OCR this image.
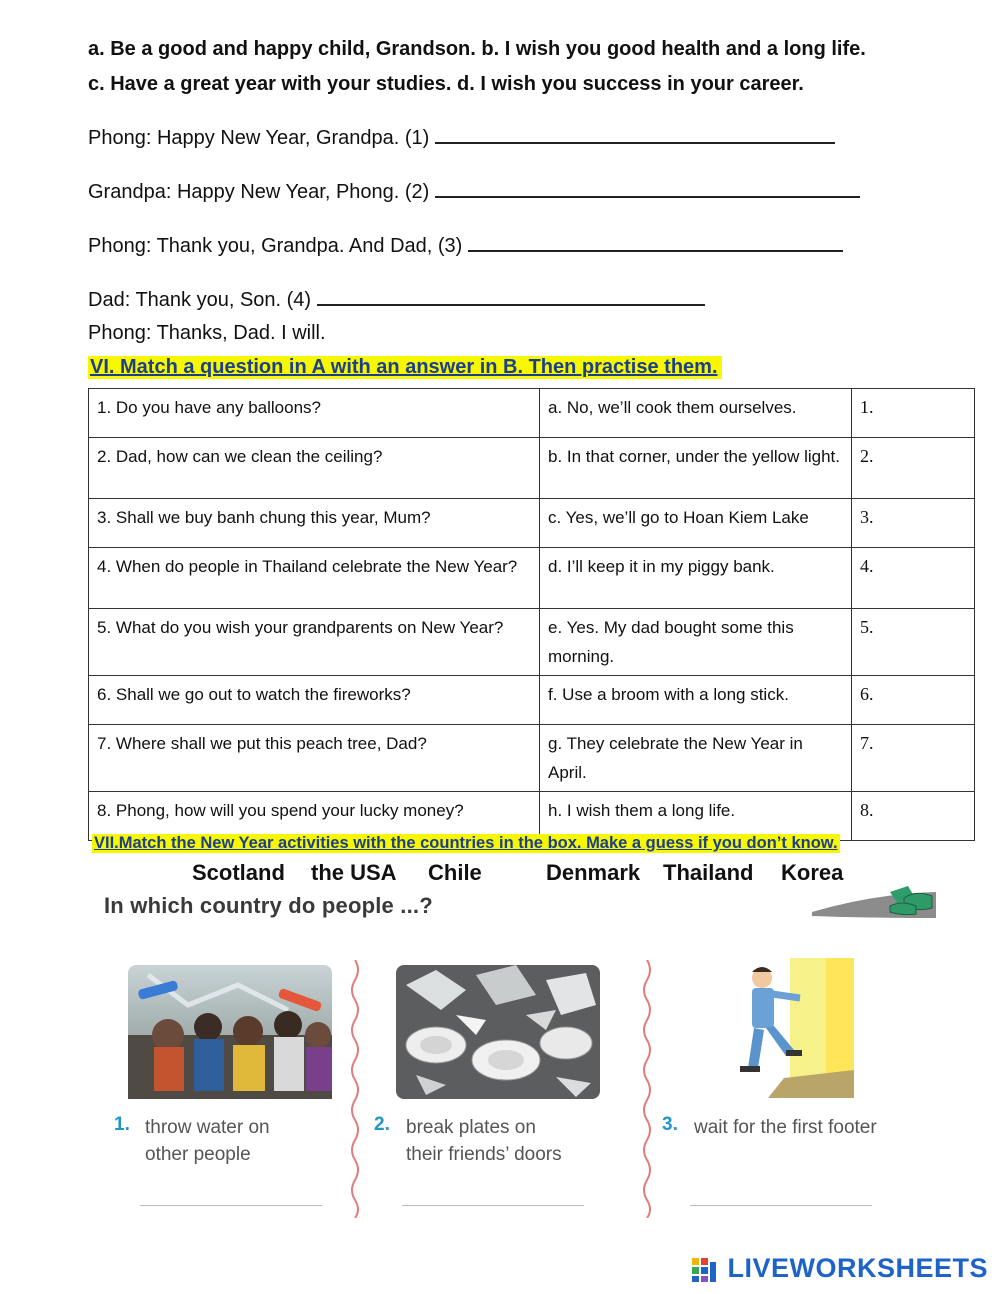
a. Be a good and happy child, Grandson. b. I wish you good health and a long life.
c. Have a great year with your studies. d. I wish you success in your career.
Phong: Happy New Year, Grandpa. (1)
Grandpa: Happy New Year, Phong. (2)
Phong: Thank you, Grandpa. And Dad, (3)
Dad: Thank you, Son. (4)
Phong: Thanks, Dad. I will.
VI. Match a question in A with an answer in B. Then practise them.
1. Do you have any balloons?	a. No, we’ll cook them ourselves.	1.
2. Dad, how can we clean the ceiling?	b. In that corner, under the yellow light.	2.
3. Shall we buy banh chung this year, Mum?	c. Yes, we’ll go to Hoan Kiem Lake	3.
4. When do people in Thailand celebrate the New Year?	d. I’ll keep it in my piggy bank.	4.
5. What do you wish your grandparents on New Year?	e. Yes. My dad bought some this morning.	5.
6. Shall we go out to watch the fireworks?	f. Use a broom with a long stick.	6.
7. Where shall we put this peach tree, Dad?	g. They celebrate the New Year in April.	7.
8. Phong, how will you spend your lucky money?	h. I wish them a long life.	8.
VII.Match the New Year activities with the countries in the box. Make a guess if you don’t know.
Scotland the USA Chile	Denmark Thailand Korea
In which country do people ...?
1. throw water on
other people
2. break plates on
their friends’ doors
3. wait for the first footer
LIVEWORKSHEETS
